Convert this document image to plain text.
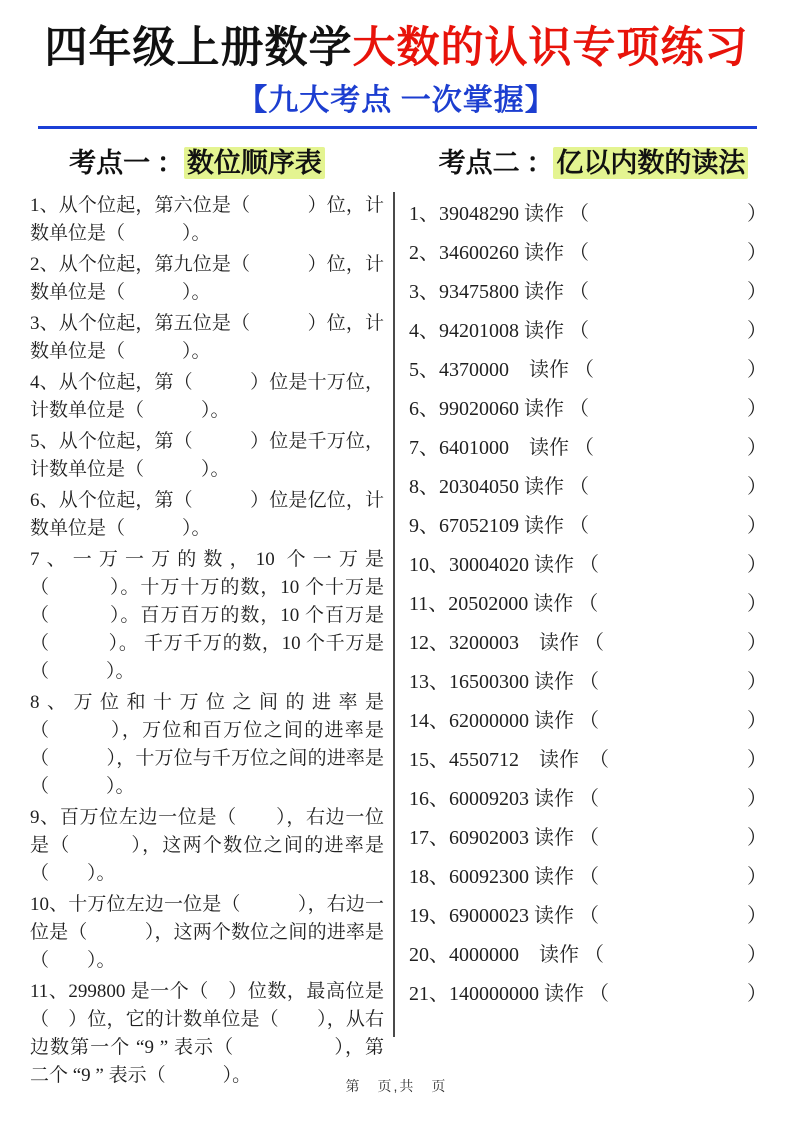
四年级上册数学大数的认识专项练习
【九大考点 一次掌握】
考点一 ： 数位顺序表	考点二 ： 亿以内数的读法

1、从个位起，第六位是（　　　）位，计数单位是（　　　）。

2、从个位起，第九位是（　　　）位，计数单位是（　　　）。

3、从个位起，第五位是（　　　）位，计数单位是（　　　）。

4、从个位起，第（　　　）位是十万位，计数单位是（　　　）。

5、从个位起，第（　　　）位是千万位，计数单位是（　　　）。

6、从个位起，第（　　　）位是亿位，计数单位是（　　　）。

7、一万一万的数，10 个一万是（　　　）。十万十万的数，10 个十万是（　　　）。百万百万的数，10 个百万是（　　　）。 千万千万的数，10 个千万是（　　　）。

8、万位和十万位之间的进率是（　　　），万位和百万位之间的进率是（　　　），十万位与千万位之间的进率是（　　　）。

9、百万位左边一位是（　　），右边一位是（　　　），这两个数位之间的进率是（　　）。

10、十万位左边一位是（　　　），右边一位是（　　　），这两个数位之间的进率是（　　）。

11、299800 是一个（　）位数，最高位是（　）位，它的计数单位是（　　），从右边数第一个 “9 ” 表示（　　　　　），第二个 “9 ” 表示（　　　）。

1、39048290 读作 （	）
2、34600260 读作 （	）
3、93475800 读作 （	）
4、94201008 读作 （	）
5、4370000　读作 （	）
6、99020060 读作 （	）
7、6401000　读作 （	）
8、20304050 读作 （	）
9、67052109 读作 （	）
10、30004020 读作 （	）
11、20502000 读作 （	）
12、3200003　读作 （	）
13、16500300 读作 （	）
14、62000000 读作 （	）
15、4550712　读作　（	）
16、60009203 读作 （	）
17、60902003 读作 （	）
18、60092300 读作 （	）
19、69000023 读作 （	）
20、4000000　读作 （	）
21、140000000 读作 （	）
第　页,共　页
